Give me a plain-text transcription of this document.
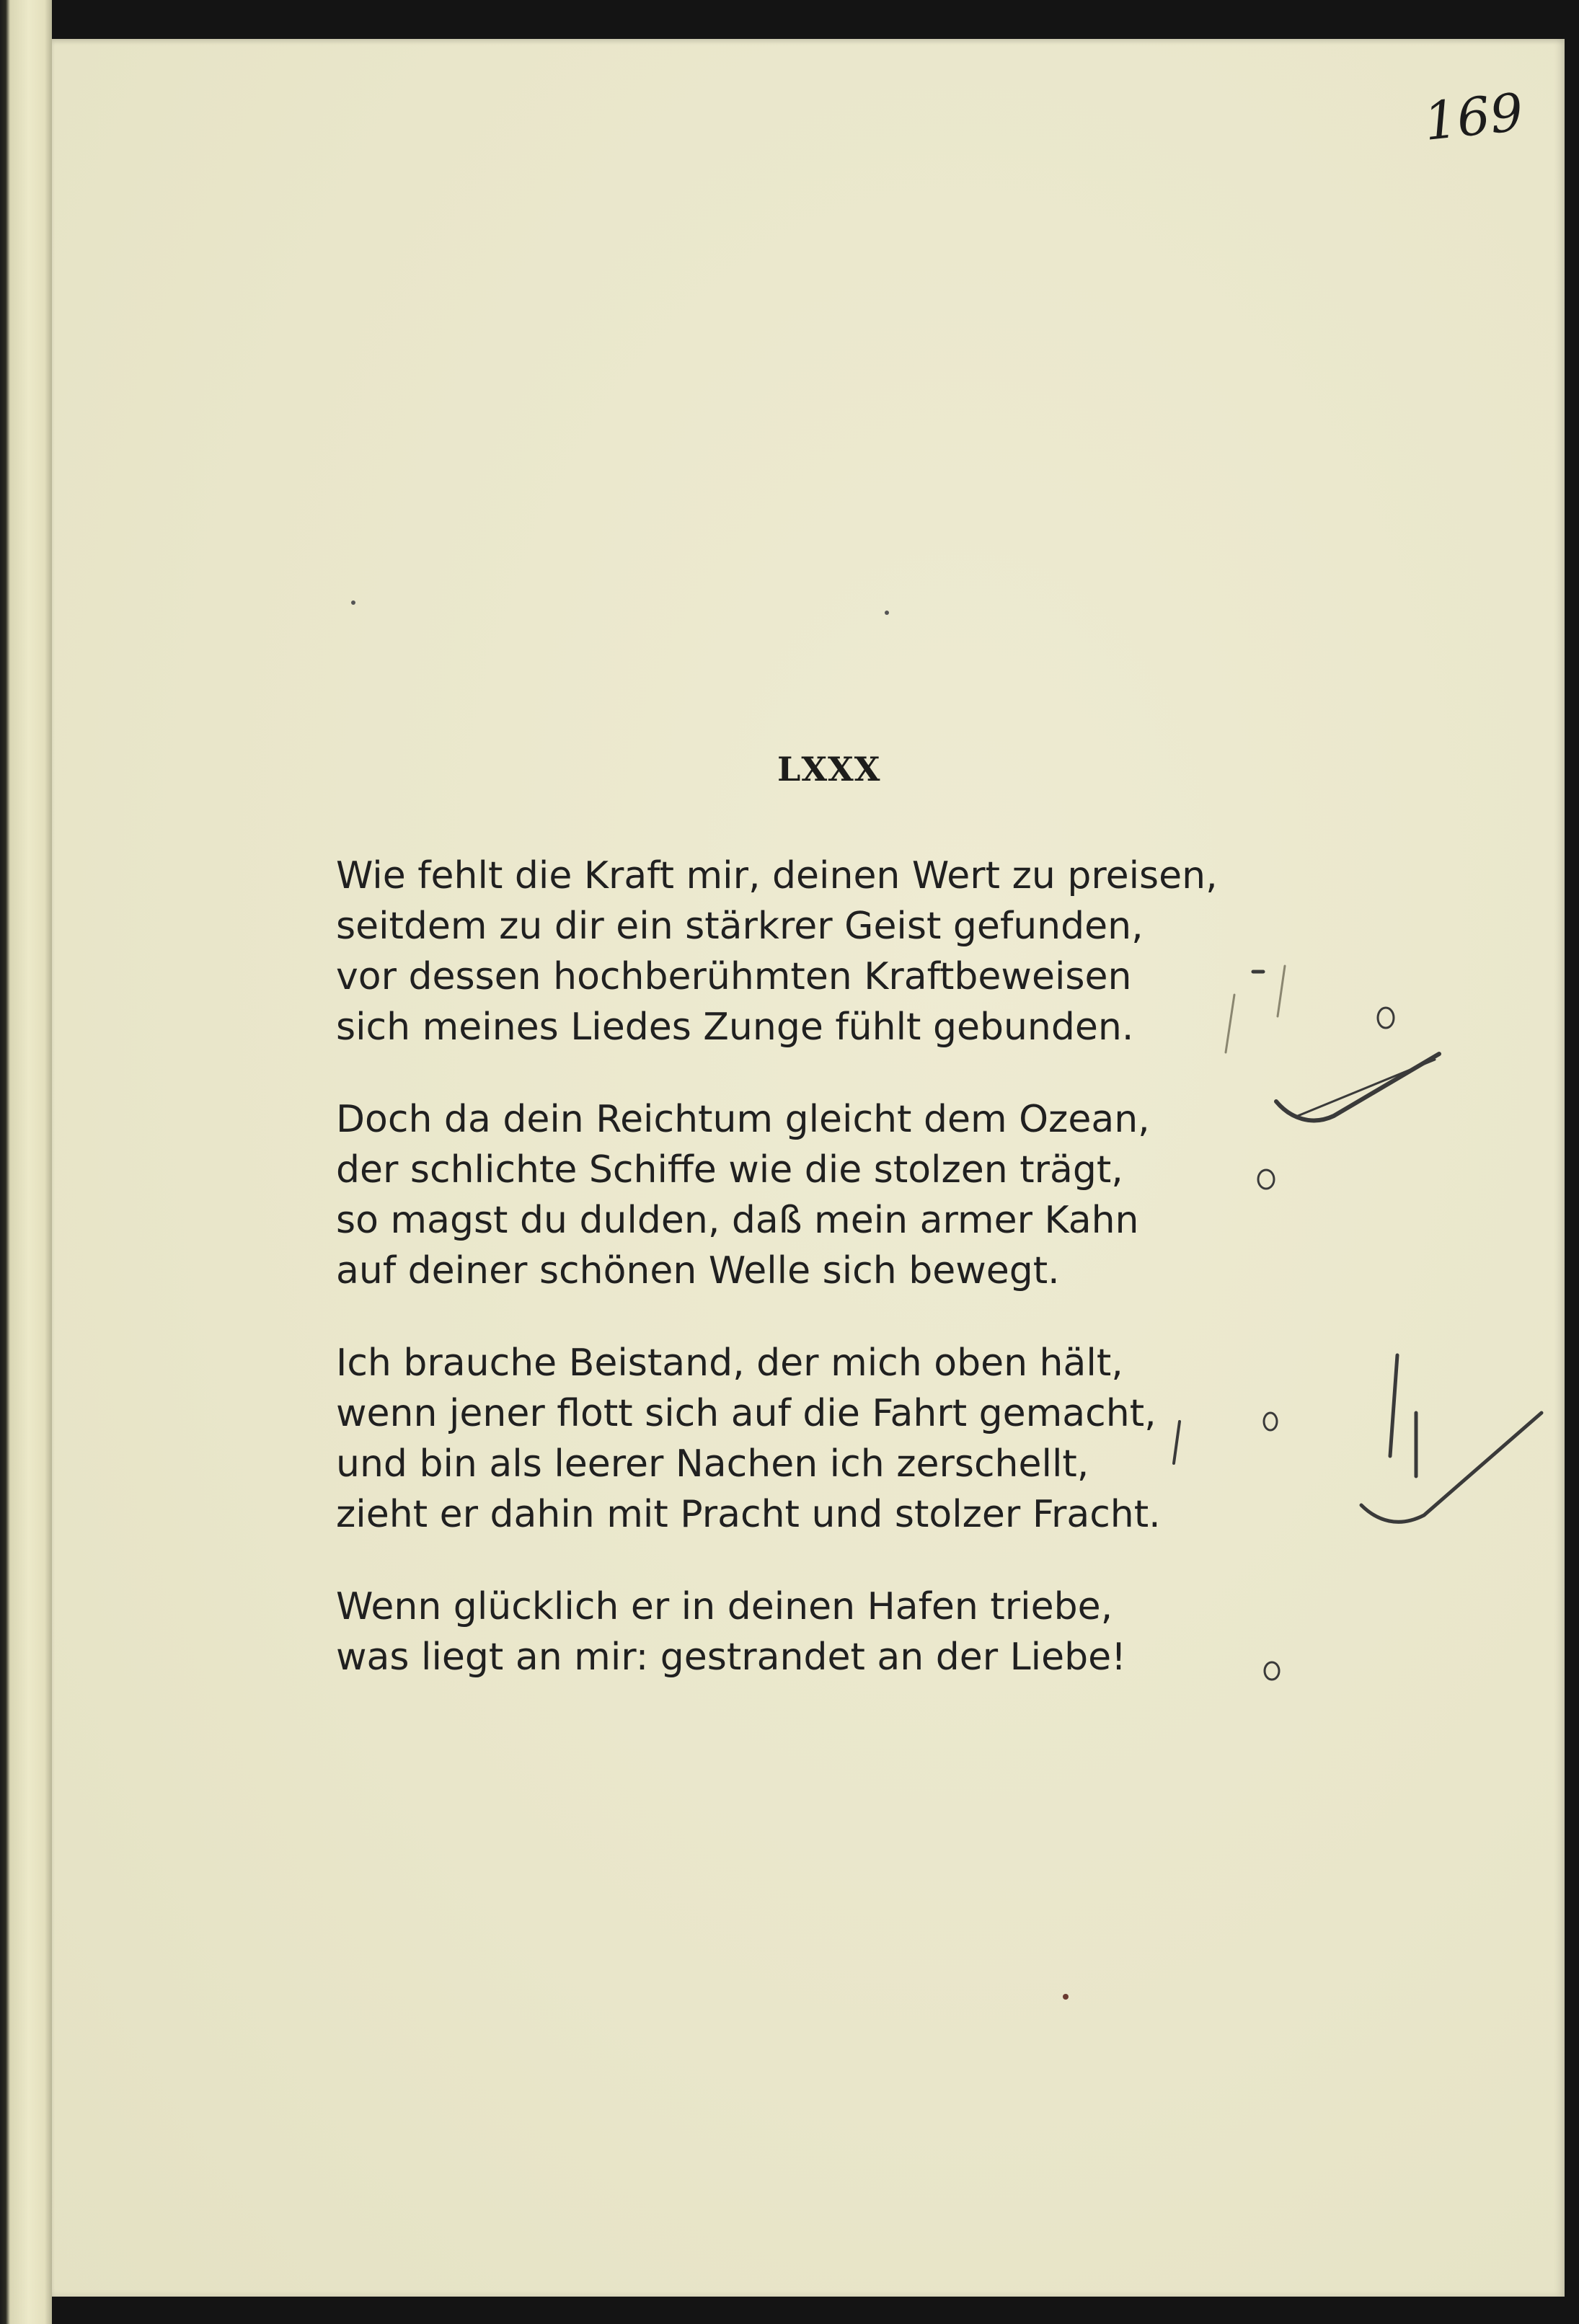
169
LXXX
Wie fehlt die Kraft mir, deinen Wert zu preisen,
seitdem zu dir ein stärkrer Geist gefunden,
vor dessen hochberühmten Kraftbeweisen
sich meines Liedes Zunge fühlt gebunden.
Doch da dein Reichtum gleicht dem Ozean,
der schlichte Schiffe wie die stolzen trägt,
so magst du dulden, daß mein armer Kahn
auf deiner schönen Welle sich bewegt.
Ich brauche Beistand, der mich oben hält,
wenn jener flott sich auf die Fahrt gemacht,
und bin als leerer Nachen ich zerschellt,
zieht er dahin mit Pracht und stolzer Fracht.
Wenn glücklich er in deinen Hafen triebe,
was liegt an mir: gestrandet an der Liebe!
